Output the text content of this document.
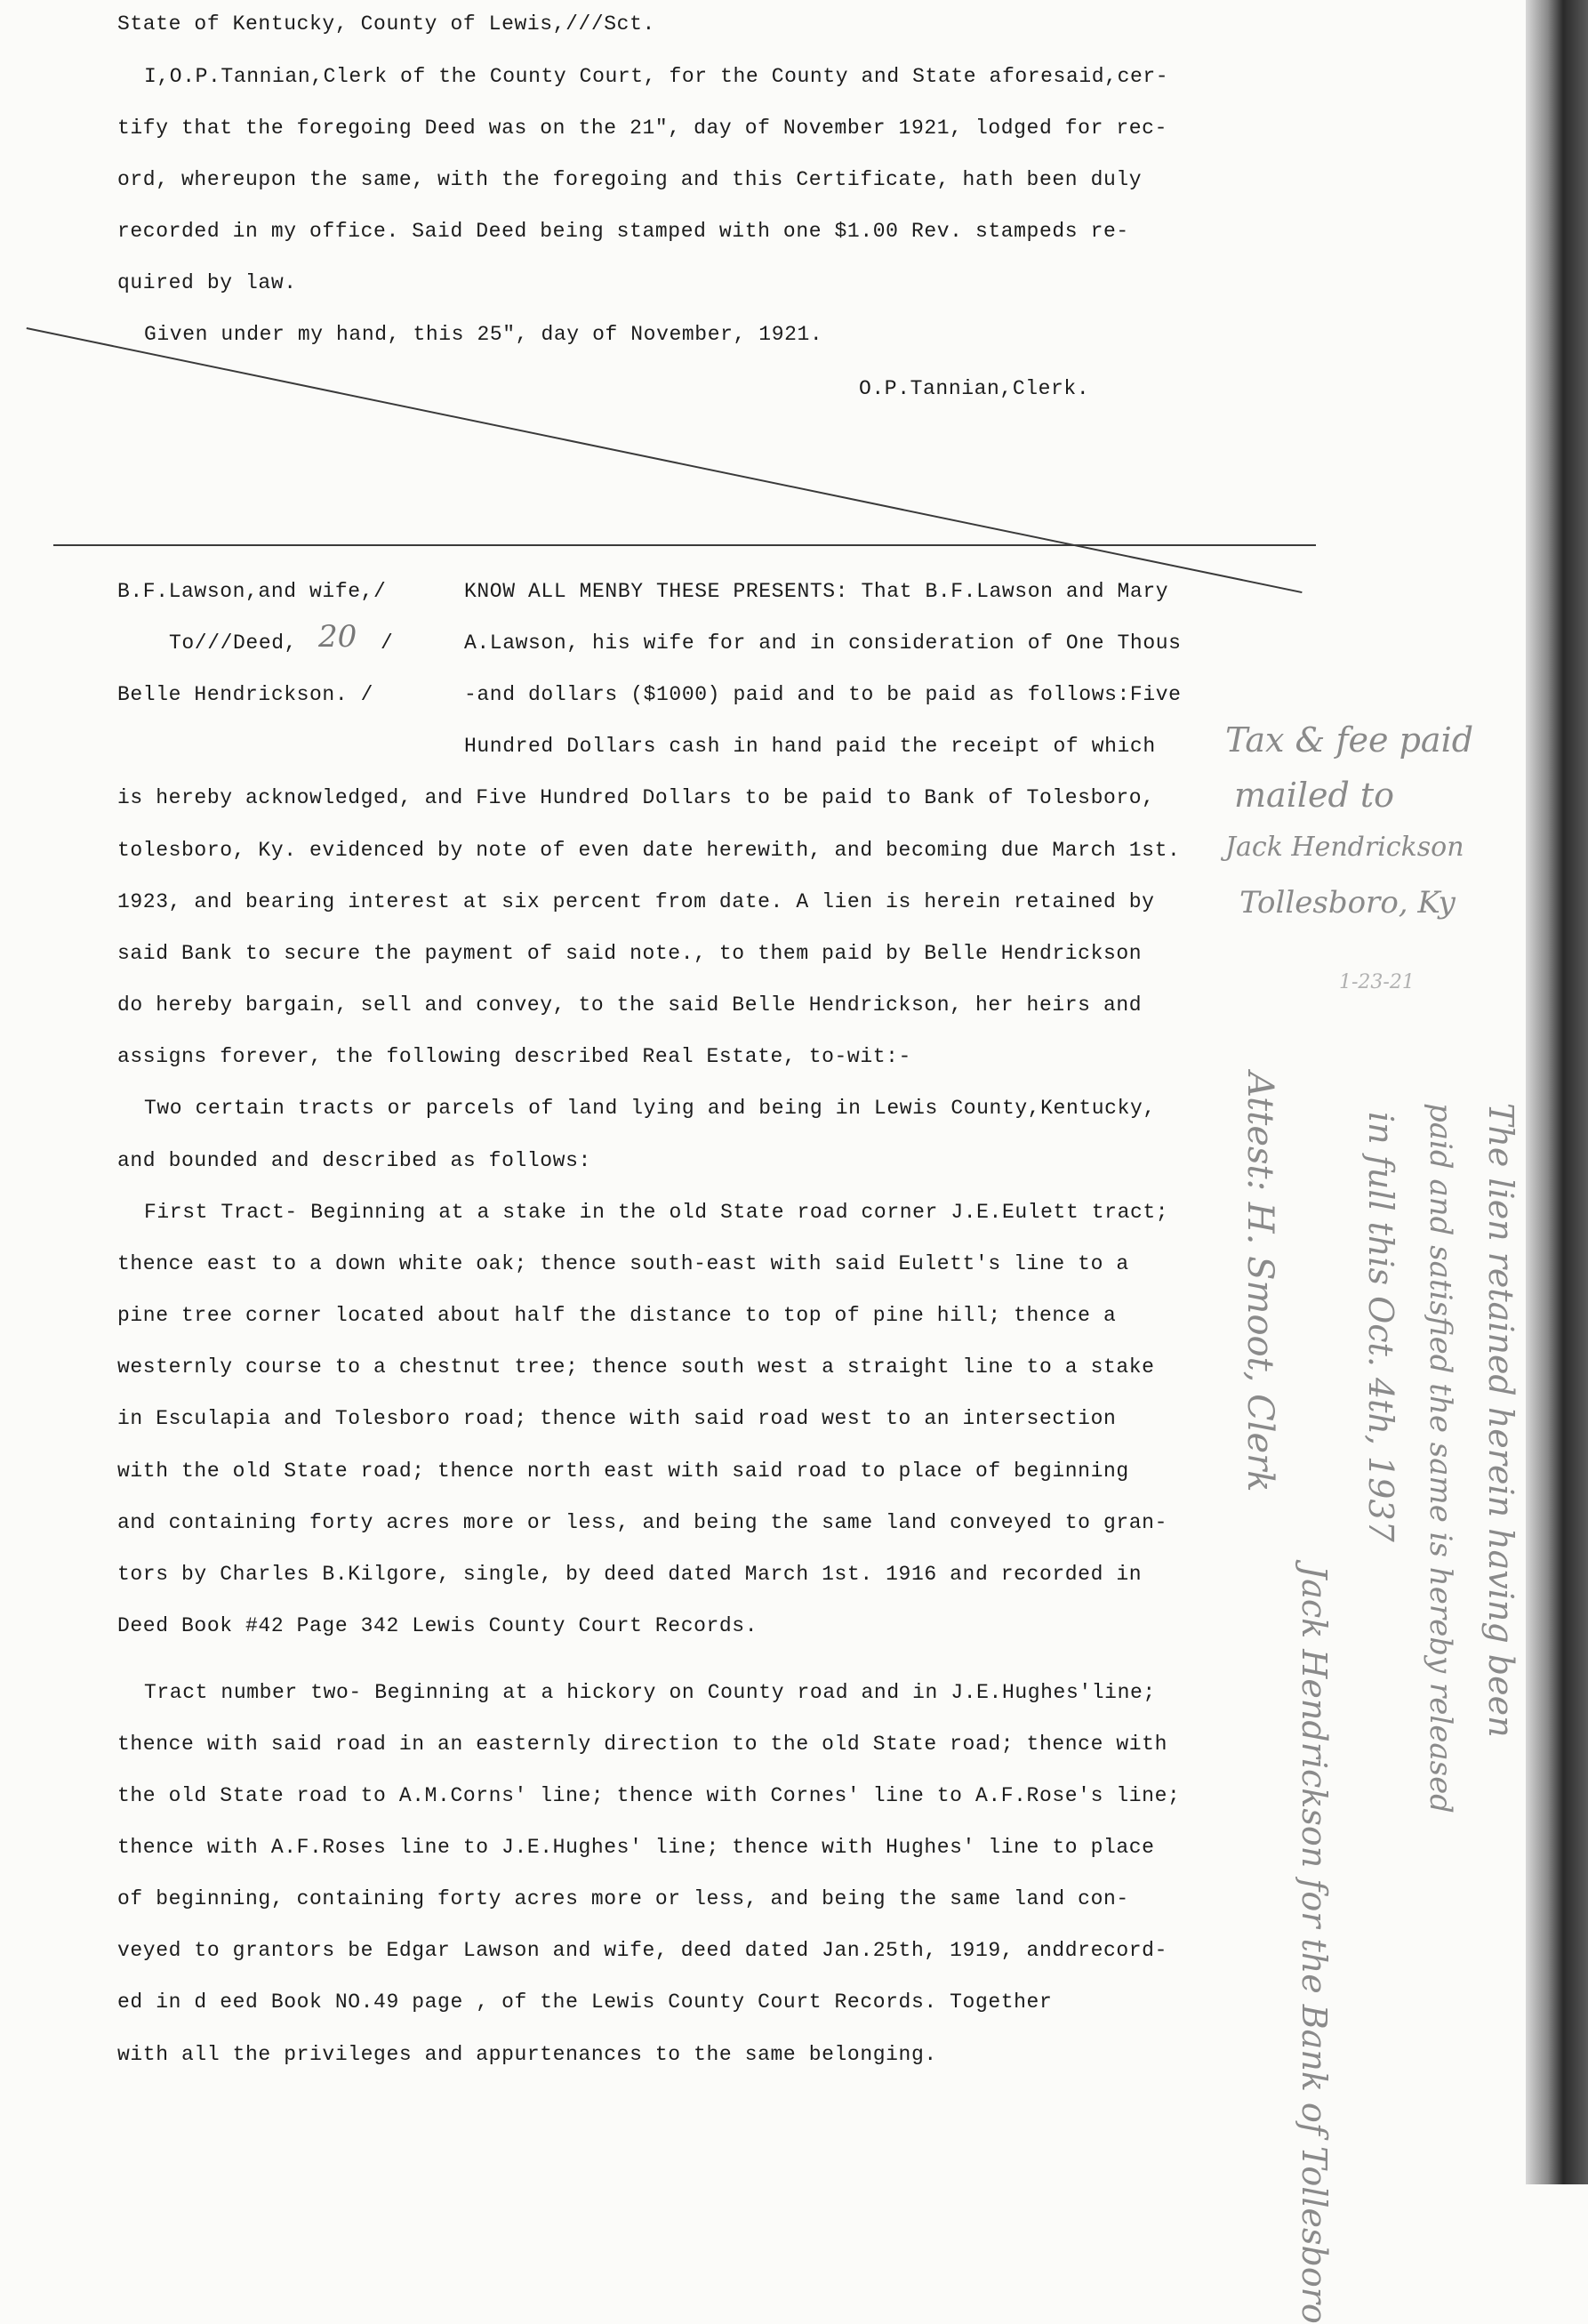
State of Kentucky, County of Lewis,///Sct.
I,O.P.Tannian,Clerk of the County Court, for the County and State aforesaid,cer-
tify that the foregoing Deed was on the 21", day of November 1921, lodged for rec-
ord, whereupon the same, with the foregoing and this Certificate, hath been duly
recorded in my office. Said Deed being stamped with one $1.00 Rev. stampeds re-
quired by law.
Given under my hand, this 25", day of November, 1921.
O.P.Tannian,Clerk.
B.F.Lawson,and wife,/
To///Deed, 20 /
Belle Hendrickson. /
KNOW ALL MENBY THESE PRESENTS: That B.F.Lawson and Mary
A.Lawson, his wife for and in consideration of One Thous
-and dollars ($1000) paid and to be paid as follows:Five
Hundred Dollars cash in hand paid the receipt of which
is hereby acknowledged, and Five Hundred Dollars to be paid to Bank of Tolesboro,
tolesboro, Ky. evidenced by note of even date herewith, and becoming due March 1st.
1923, and bearing interest at six percent from date. A lien is herein retained by
said Bank to secure the payment of said note., to them paid by Belle Hendrickson
do hereby bargain, sell and convey, to the said Belle Hendrickson, her heirs and
assigns forever, the following described Real Estate, to-wit:-
Two certain tracts or parcels of land lying and being in Lewis County,Kentucky,
and bounded and described as follows:
First Tract- Beginning at a stake in the old State road corner J.E.Eulett tract;
thence east to a down white oak; thence south-east with said Eulett's line to a
pine tree corner located about half the distance to top of pine hill; thence a
westernly course to a chestnut tree; thence south west a straight line to a stake
in Esculapia and Tolesboro road; thence with said road west to an intersection
with the old State road; thence north east with said road to place of beginning
and containing forty acres more or less, and being the same land conveyed to gran-
tors by Charles B.Kilgore, single, by deed dated March 1st. 1916 and recorded in
Deed Book #42 Page 342 Lewis County Court Records.
Tract number two- Beginning at a hickory on County road and in J.E.Hughes'line;
thence with said road in an easternly direction to the old State road; thence with
the old State road to A.M.Corns' line; thence with Cornes' line to A.F.Rose's line;
thence with A.F.Roses line to J.E.Hughes' line; thence with Hughes' line to place
of beginning, containing forty acres more or less, and being the same land con-
veyed to grantors be Edgar Lawson and wife, deed dated Jan.25th, 1919, anddrecord-
ed in d eed Book NO.49 page , of the Lewis County Court Records. Together
with all the privileges and appurtenances to the same belonging.
Tax & fee paid
mailed to
Jack Hendrickson
Tollesboro, Ky
1-23-21
The lien retained herein having been
paid and satisfied the same is hereby released
in full this Oct. 4th, 1937
Jack Hendrickson for the Bank of Tollesboro
Attest: H. Smoot, Clerk
